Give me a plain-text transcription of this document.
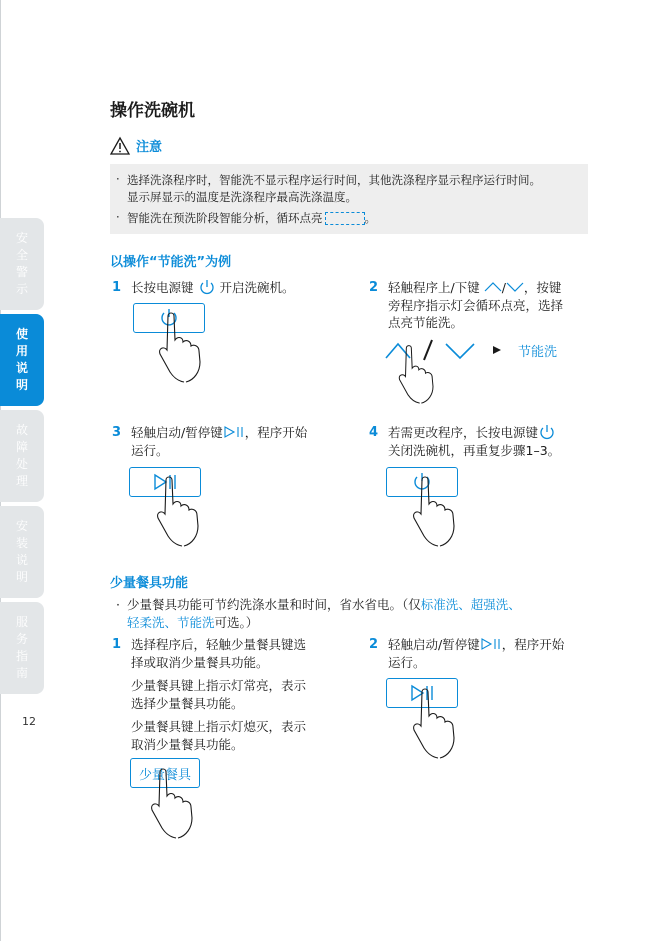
安
全
警
示
使
用
说
明
故
障
处
理
安
装
说
明
服
务
指
南
12
操作洗碗机
注意
· 选择洗涤程序时，智能洗不显示程序运行时间，其他洗涤程序显示程序运行时间。
显示屏显示的温度是洗涤程序最高洗涤温度。
· 智能洗在预洗阶段智能分析，循环点亮	。
以操作“节能洗”为例
1 长按电源键 开启洗碗机。	2 轻触程序上/下键 / ，按键
旁程序指示灯会循环点亮，选择
点亮节能洗。
节能洗
3 轻触启动/暂停键 ，程序开始
运行。
4 若需更改程序，长按电源键
关闭洗碗机，再重复步骤1–3。
少量餐具功能
· 少量餐具功能可节约洗涤水量和时间，省水省电。（仅标准洗、超强洗、
轻柔洗、节能洗可选。）
1 选择程序后，轻触少量餐具键选
择或取消少量餐具功能。
少量餐具键上指示灯常亮，表示
选择少量餐具功能。
少量餐具键上指示灯熄灭，表示
取消少量餐具功能。
少量餐具
2 轻触启动/暂停键 ，程序开始
运行。
